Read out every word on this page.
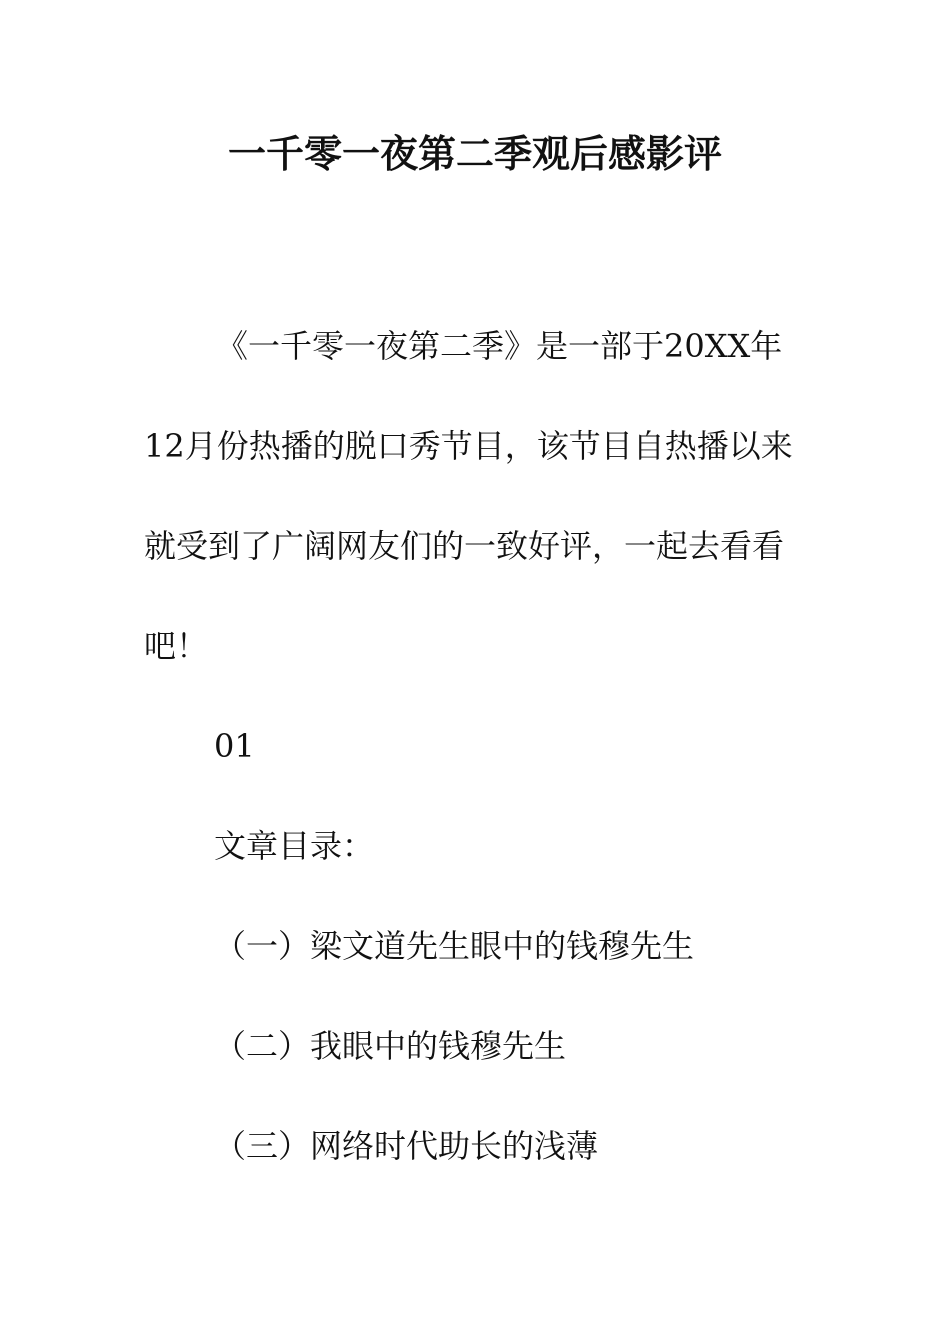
一千零一夜第二季观后感影评

《一千零一夜第二季》是一部于20XX年12月份热播的脱口秀节目，该节目自热播以来就受到了广阔网友们的一致好评，一起去看看吧！

01

文章目录：

（一）梁文道先生眼中的钱穆先生

（二）我眼中的钱穆先生

（三）网络时代助长的浅薄
